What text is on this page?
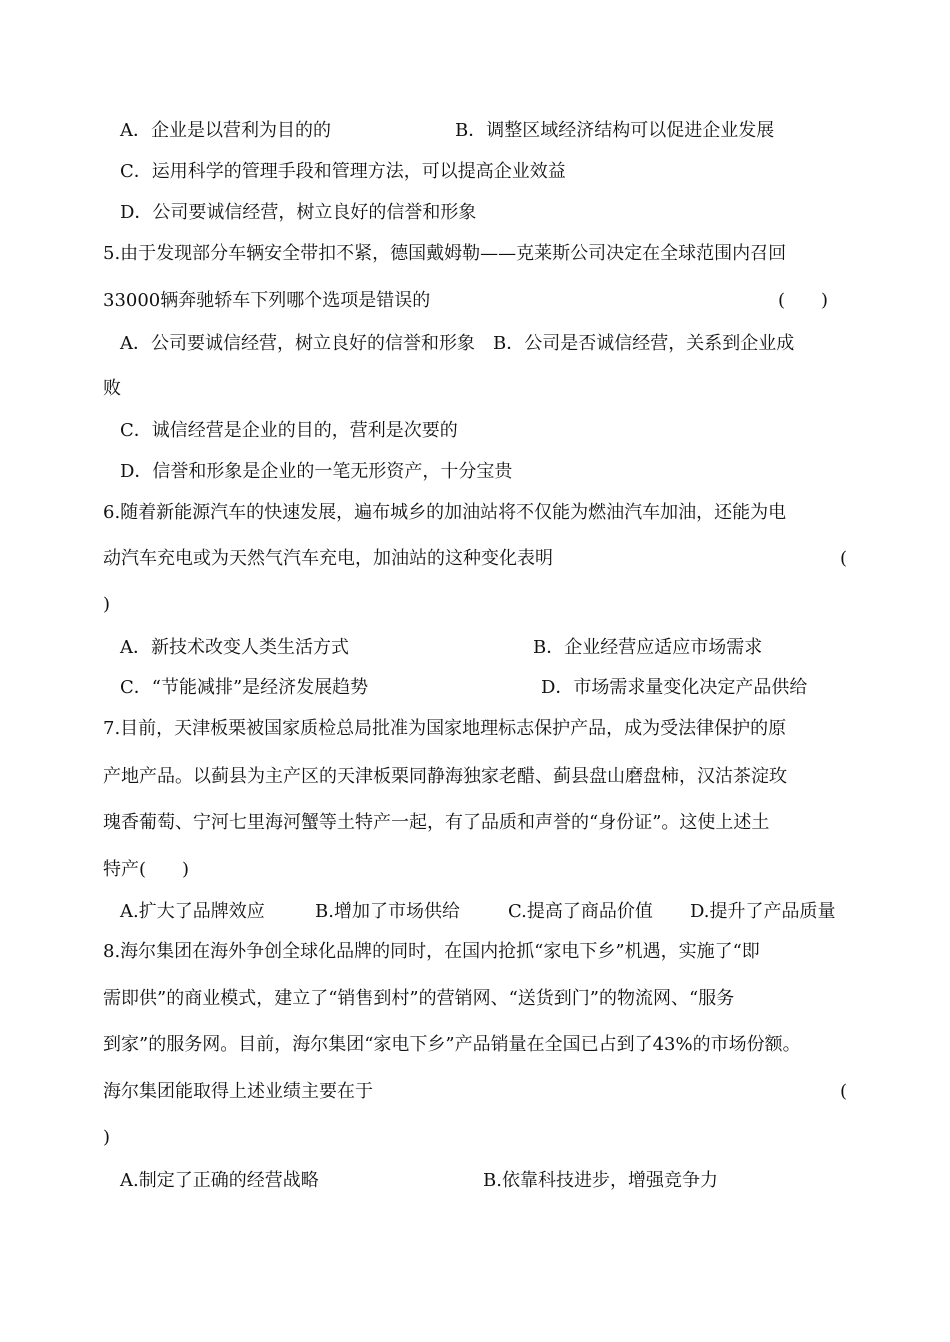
A．企业是以营利为目的的	B．调整区域经济结构可以促进企业发展
C．运用科学的管理手段和管理方法，可以提高企业效益
D．公司要诚信经营，树立良好的信誉和形象
5.由于发现部分车辆安全带扣不紧，德国戴姆勒——克莱斯公司决定在全球范围内召回
33000辆奔驰轿车下列哪个选项是错误的	(　　)
A．公司要诚信经营，树立良好的信誉和形象　B．公司是否诚信经营，关系到企业成
败
C．诚信经营是企业的目的，营利是次要的
D．信誉和形象是企业的一笔无形资产，十分宝贵
6.随着新能源汽车的快速发展，遍布城乡的加油站将不仅能为燃油汽车加油，还能为电
动汽车充电或为天然气汽车充电，加油站的这种变化表明	(
)
A．新技术改变人类生活方式	B．企业经营应适应市场需求
C．“节能减排”是经济发展趋势	D．市场需求量变化决定产品供给
7.目前，天津板栗被国家质检总局批准为国家地理标志保护产品，成为受法律保护的原
产地产品。以蓟县为主产区的天津板栗同静海独家老醋、蓟县盘山磨盘柿，汉沽茶淀玫
瑰香葡萄、宁河七里海河蟹等土特产一起，有了品质和声誉的“身份证”。这使上述土
特产(　　)
A.扩大了品牌效应	B.增加了市场供给	C.提高了商品价值 D.提升了产品质量
8.海尔集团在海外争创全球化品牌的同时，在国内抢抓“家电下乡”机遇，实施了“即
需即供”的商业模式，建立了“销售到村”的营销网、“送货到门”的物流网、“服务
到家”的服务网。目前，海尔集团“家电下乡”产品销量在全国已占到了43%的市场份额。
海尔集团能取得上述业绩主要在于	(
)
A.制定了正确的经营战略	B.依靠科技进步，增强竞争力
